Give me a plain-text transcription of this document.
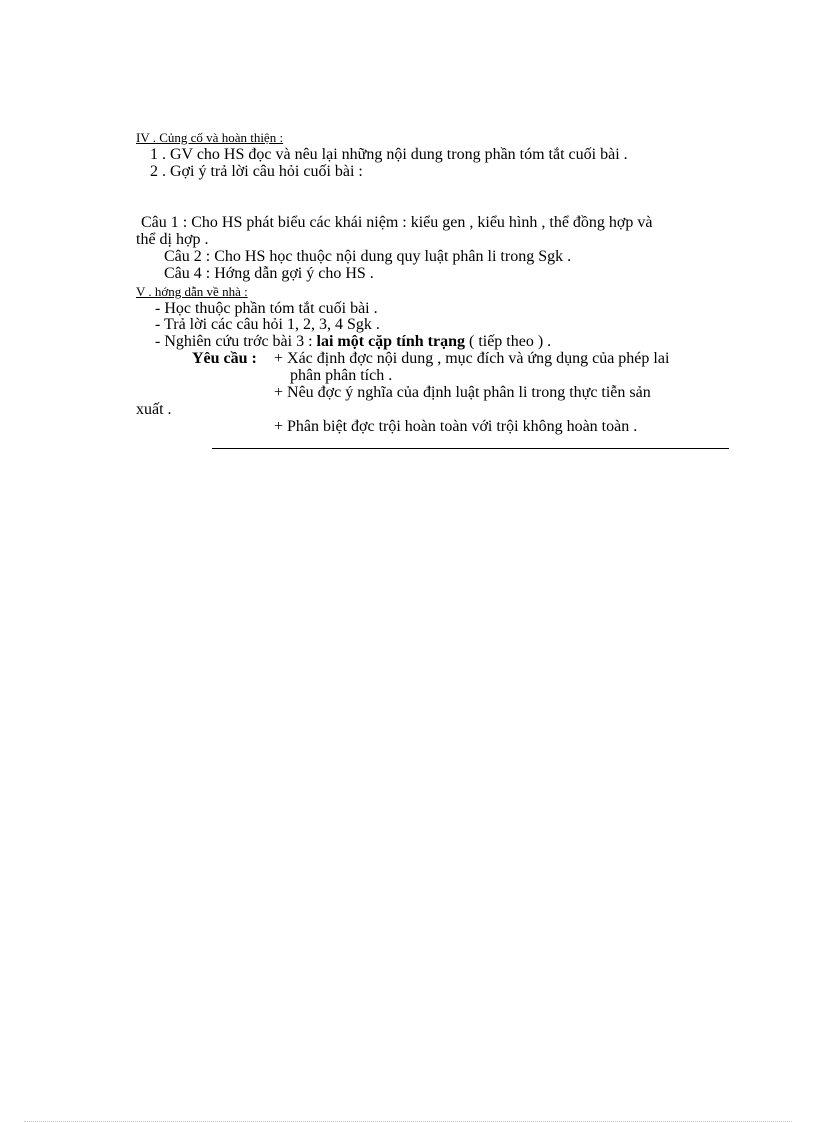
IV . Củng cố và hoàn thiện :
1 . GV cho HS đọc và nêu lại những nội dung trong phần tóm tắt cuối bài .
2 . Gợi ý trả lời câu hỏi cuối bài :
Câu 1 : Cho HS phát biểu các khái niệm : kiểu gen , kiểu hình , thể đồng hợp và
thể dị hợp .
Câu 2 : Cho HS học thuộc nội dung quy luật phân li trong Sgk .
Câu 4 : Hớng dẫn gợi ý cho HS .
V . hớng dẫn về nhà :
- Học thuộc phần tóm tắt cuối bài .
- Trả lời các câu hỏi 1, 2, 3, 4 Sgk .
- Nghiên cứu trớc bài 3 : lai một cặp tính trạng ( tiếp theo ) .
Yêu cầu : + Xác định đợc nội dung , mục đích và ứng dụng của phép lai
phân phân tích .
+ Nêu đợc ý nghĩa của định luật phân li trong thực tiễn sản
xuất .
+ Phân biệt đợc trội hoàn toàn với trội không hoàn toàn .
